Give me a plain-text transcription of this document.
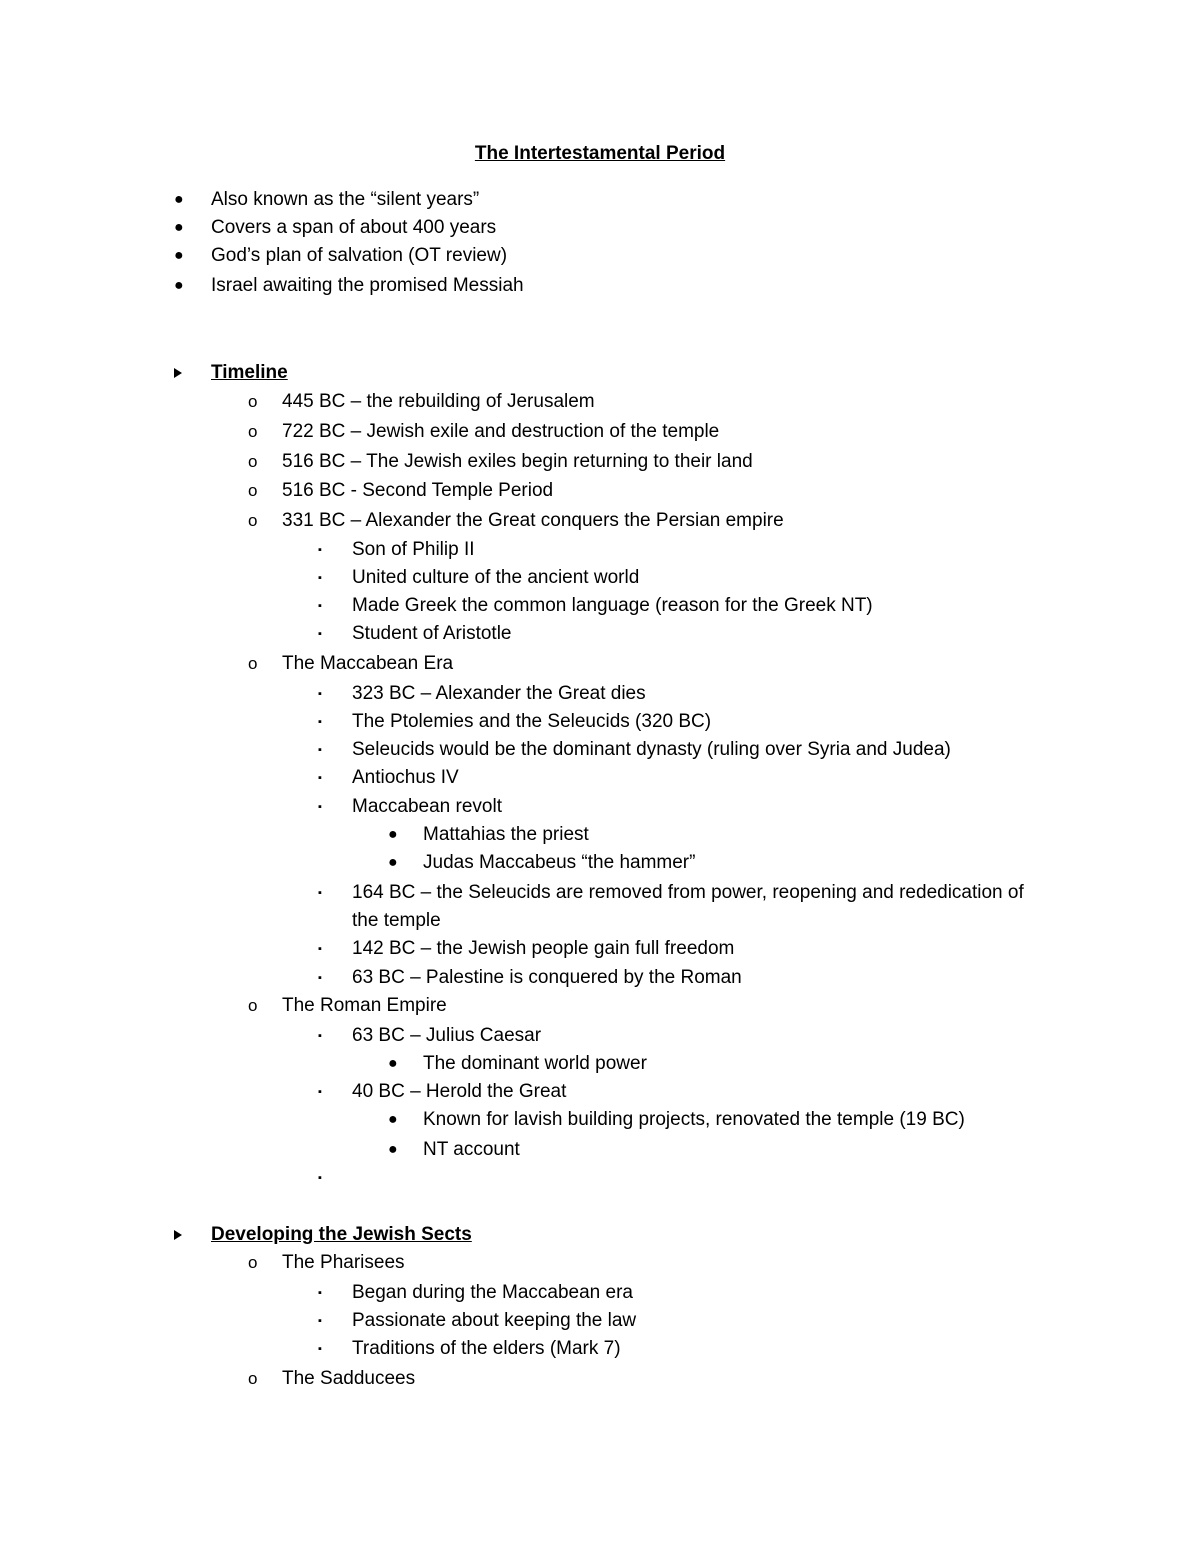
The Intertestamental Period
● Also known as the “silent years”
● Covers a span of about 400 years
● God’s plan of salvation (OT review)
● Israel awaiting the promised Messiah
Timeline
o 445 BC – the rebuilding of Jerusalem
o 722 BC – Jewish exile and destruction of the temple
o 516 BC – The Jewish exiles begin returning to their land
o 516 BC - Second Temple Period
o 331 BC – Alexander the Great conquers the Persian empire
▪ Son of Philip II
▪ United culture of the ancient world
▪ Made Greek the common language (reason for the Greek NT)
▪ Student of Aristotle
o The Maccabean Era
▪ 323 BC – Alexander the Great dies
▪ The Ptolemies and the Seleucids (320 BC)
▪ Seleucids would be the dominant dynasty (ruling over Syria and Judea)
▪ Antiochus IV
▪ Maccabean revolt
● Mattahias the priest
● Judas Maccabeus “the hammer”
▪ 164 BC – the Seleucids are removed from power, reopening and rededication of
the temple
▪ 142 BC – the Jewish people gain full freedom
▪ 63 BC – Palestine is conquered by the Roman
o The Roman Empire
▪ 63 BC – Julius Caesar
● The dominant world power
▪ 40 BC – Herold the Great
● Known for lavish building projects, renovated the temple (19 BC)
● NT account
▪
Developing the Jewish Sects
o The Pharisees
▪ Began during the Maccabean era
▪ Passionate about keeping the law
▪ Traditions of the elders (Mark 7)
o The Sadducees
